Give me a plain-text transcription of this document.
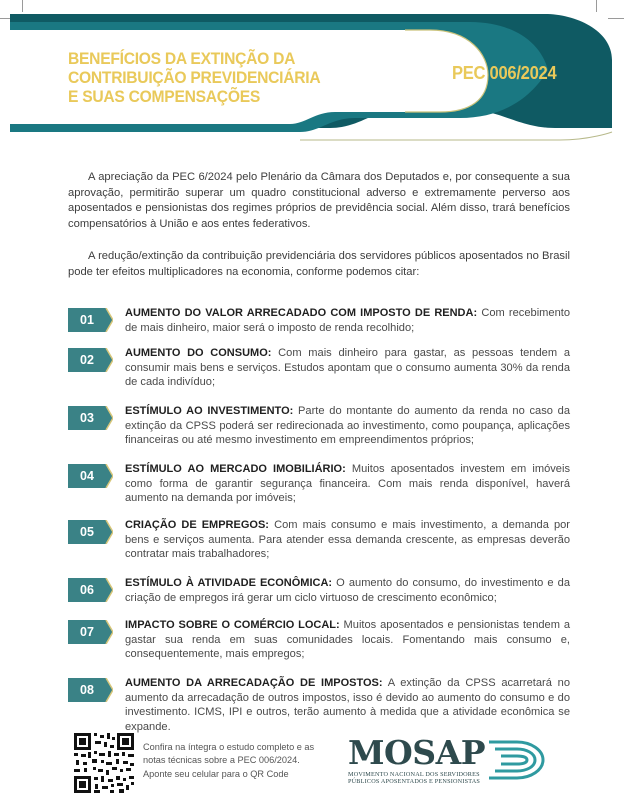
BENEFÍCIOS DA EXTINÇÃO DA
CONTRIBUIÇÃO PREVIDENCIÁRIA
E SUAS COMPENSAÇÕES
PEC 006/2024

A apreciação da PEC 6/2024 pelo Plenário da Câmara dos Deputados e, por consequente a sua aprovação, permitirão superar um quadro constitucional adverso e extremamente perverso aos aposentados e pensionistas dos regimes próprios de previdência social. Além disso, trará benefícios compensatórios à União e aos entes federativos.

A redução/extinção da contribuição previdenciária dos servidores públicos aposentados no Brasil pode ter efeitos multiplicadores na economia, conforme podemos citar:

01	AUMENTO DO VALOR ARRECADADO COM IMPOSTO DE RENDA: Com recebimento de mais dinheiro, maior será o imposto de renda recolhido;

02	AUMENTO DO CONSUMO: Com mais dinheiro para gastar, as pessoas tendem a consumir mais bens e serviços. Estudos apontam que o consumo aumenta 30% da renda de cada indivíduo;

03	ESTÍMULO AO INVESTIMENTO: Parte do montante do aumento da renda no caso da extinção da CPSS poderá ser redirecionada ao investimento, como poupança, aplicações financeiras ou até mesmo investimento em empreendimentos próprios;

04	ESTÍMULO AO MERCADO IMOBILIÁRIO: Muitos aposentados investem em imóveis como forma de garantir segurança financeira. Com mais renda disponível, haverá aumento na demanda por imóveis;

05	CRIAÇÃO DE EMPREGOS: Com mais consumo e mais investimento, a demanda por bens e serviços aumenta. Para atender essa demanda crescente, as empresas deverão contratar mais trabalhadores;

06	ESTÍMULO À ATIVIDADE ECONÔMICA: O aumento do consumo, do investimento e da criação de empregos irá gerar um ciclo virtuoso de crescimento econômico;

07	IMPACTO SOBRE O COMÉRCIO LOCAL: Muitos aposentados e pensionistas tendem a gastar sua renda em suas comunidades locais. Fomentando mais consumo e, consequentemente, mais empregos;

08	AUMENTO DA ARRECADAÇÃO DE IMPOSTOS: A extinção da CPSS acarretará no aumento da arrecadação de outros impostos, isso é devido ao aumento do consumo e do investimento. ICMS, IPI e outros, terão aumento à medida que a atividade econômica se expande.

Confira na íntegra o estudo completo e as notas técnicas sobre a PEC 006/2024.

Aponte seu celular para o QR Code

MOSAP
MOVIMENTO NACIONAL DOS SERVIDORES
PÚBLICOS APOSENTADOS E PENSIONISTAS
